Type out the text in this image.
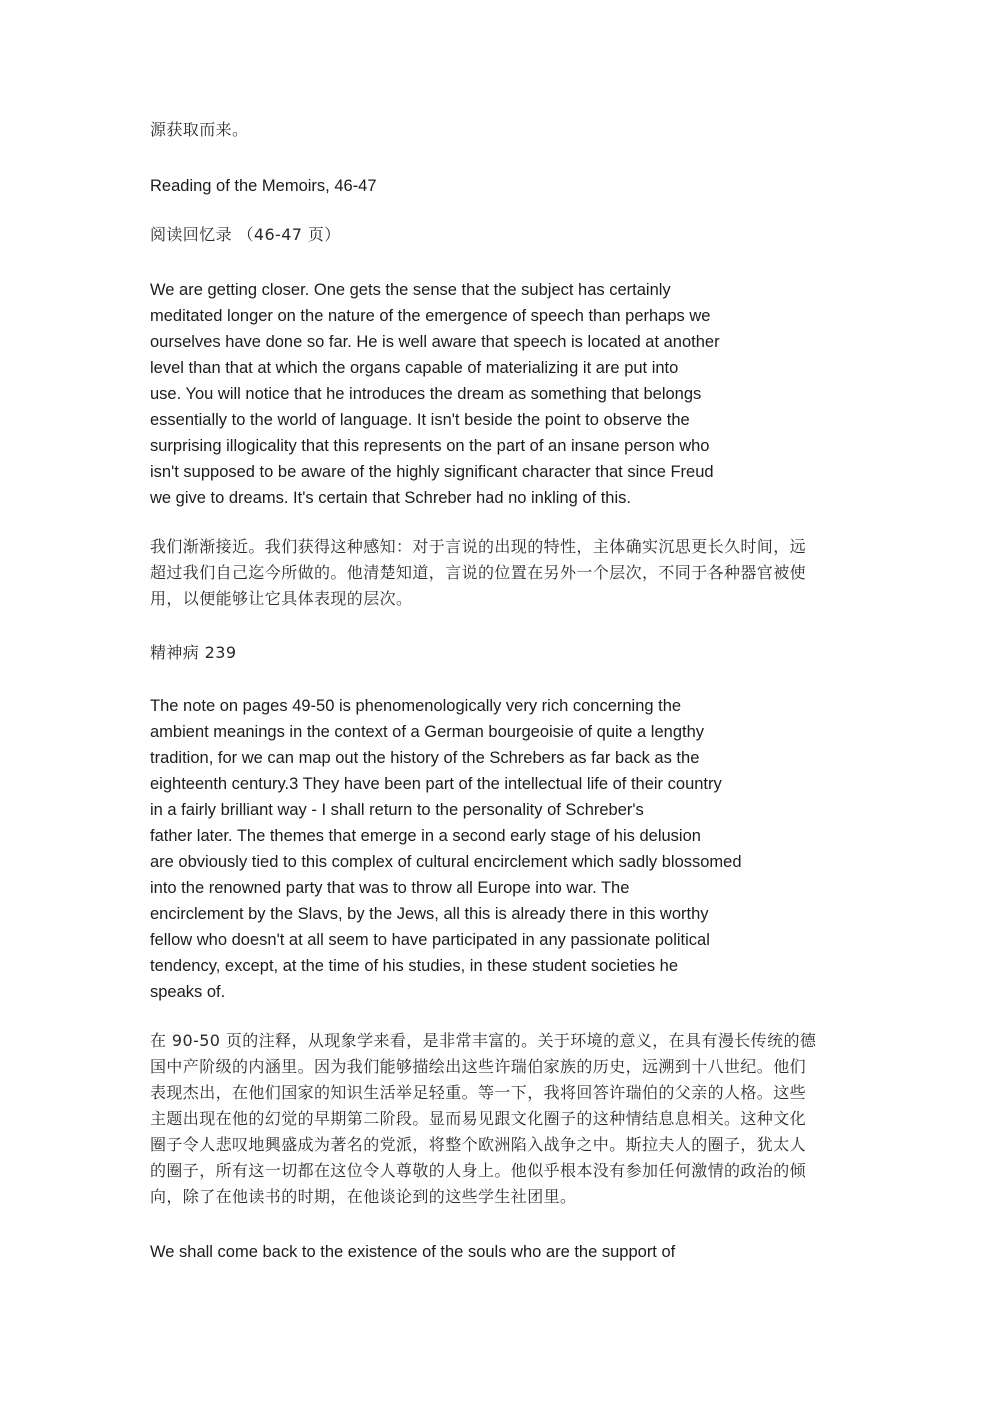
源获取而来。

Reading of the Memoirs, 46-47

阅读回忆录 （46-47 页）

We are getting closer. One gets the sense that the subject has certainly
meditated longer on the nature of the emergence of speech than perhaps we
ourselves have done so far. He is well aware that speech is located at another
level than that at which the organs capable of materializing it are put into
use. You will notice that he introduces the dream as something that belongs
essentially to the world of language. It isn't beside the point to observe the
surprising illogicality that this represents on the part of an insane person who
isn't supposed to be aware of the highly significant character that since Freud
we give to dreams. It's certain that Schreber had no inkling of this.

我们渐渐接近。我们获得这种感知：对于言说的出现的特性，主体确实沉思更长久时间，远
超过我们自己迄今所做的。他清楚知道，言说的位置在另外一个层次，不同于各种器官被使
用，以便能够让它具体表现的层次。

精神病 239

The note on pages 49-50 is phenomenologically very rich concerning the
ambient meanings in the context of a German bourgeoisie of quite a lengthy
tradition, for we can map out the history of the Schrebers as far back as the
eighteenth century.3 They have been part of the intellectual life of their country
in a fairly brilliant way - I shall return to the personality of Schreber's
father later. The themes that emerge in a second early stage of his delusion
are obviously tied to this complex of cultural encirclement which sadly blossomed
into the renowned party that was to throw all Europe into war. The
encirclement by the Slavs, by the Jews, all this is already there in this worthy
fellow who doesn't at all seem to have participated in any passionate political
tendency, except, at the time of his studies, in these student societies he
speaks of.

在 90-50 页的注释，从现象学来看，是非常丰富的。关于环境的意义，在具有漫长传统的德
国中产阶级的内涵里。因为我们能够描绘出这些许瑞伯家族的历史，远溯到十八世纪。他们
表现杰出，在他们国家的知识生活举足轻重。等一下，我将回答许瑞伯的父亲的人格。这些
主题出现在他的幻觉的早期第二阶段。显而易见跟文化圈子的这种情结息息相关。这种文化
圈子令人悲叹地興盛成为著名的党派，将整个欧洲陷入战争之中。斯拉夫人的圈子，犹太人
的圈子，所有这一切都在这位令人尊敬的人身上。他似乎根本没有参加任何激情的政治的倾
向，除了在他读书的时期，在他谈论到的这些学生社团里。

We shall come back to the existence of the souls who are the support of
